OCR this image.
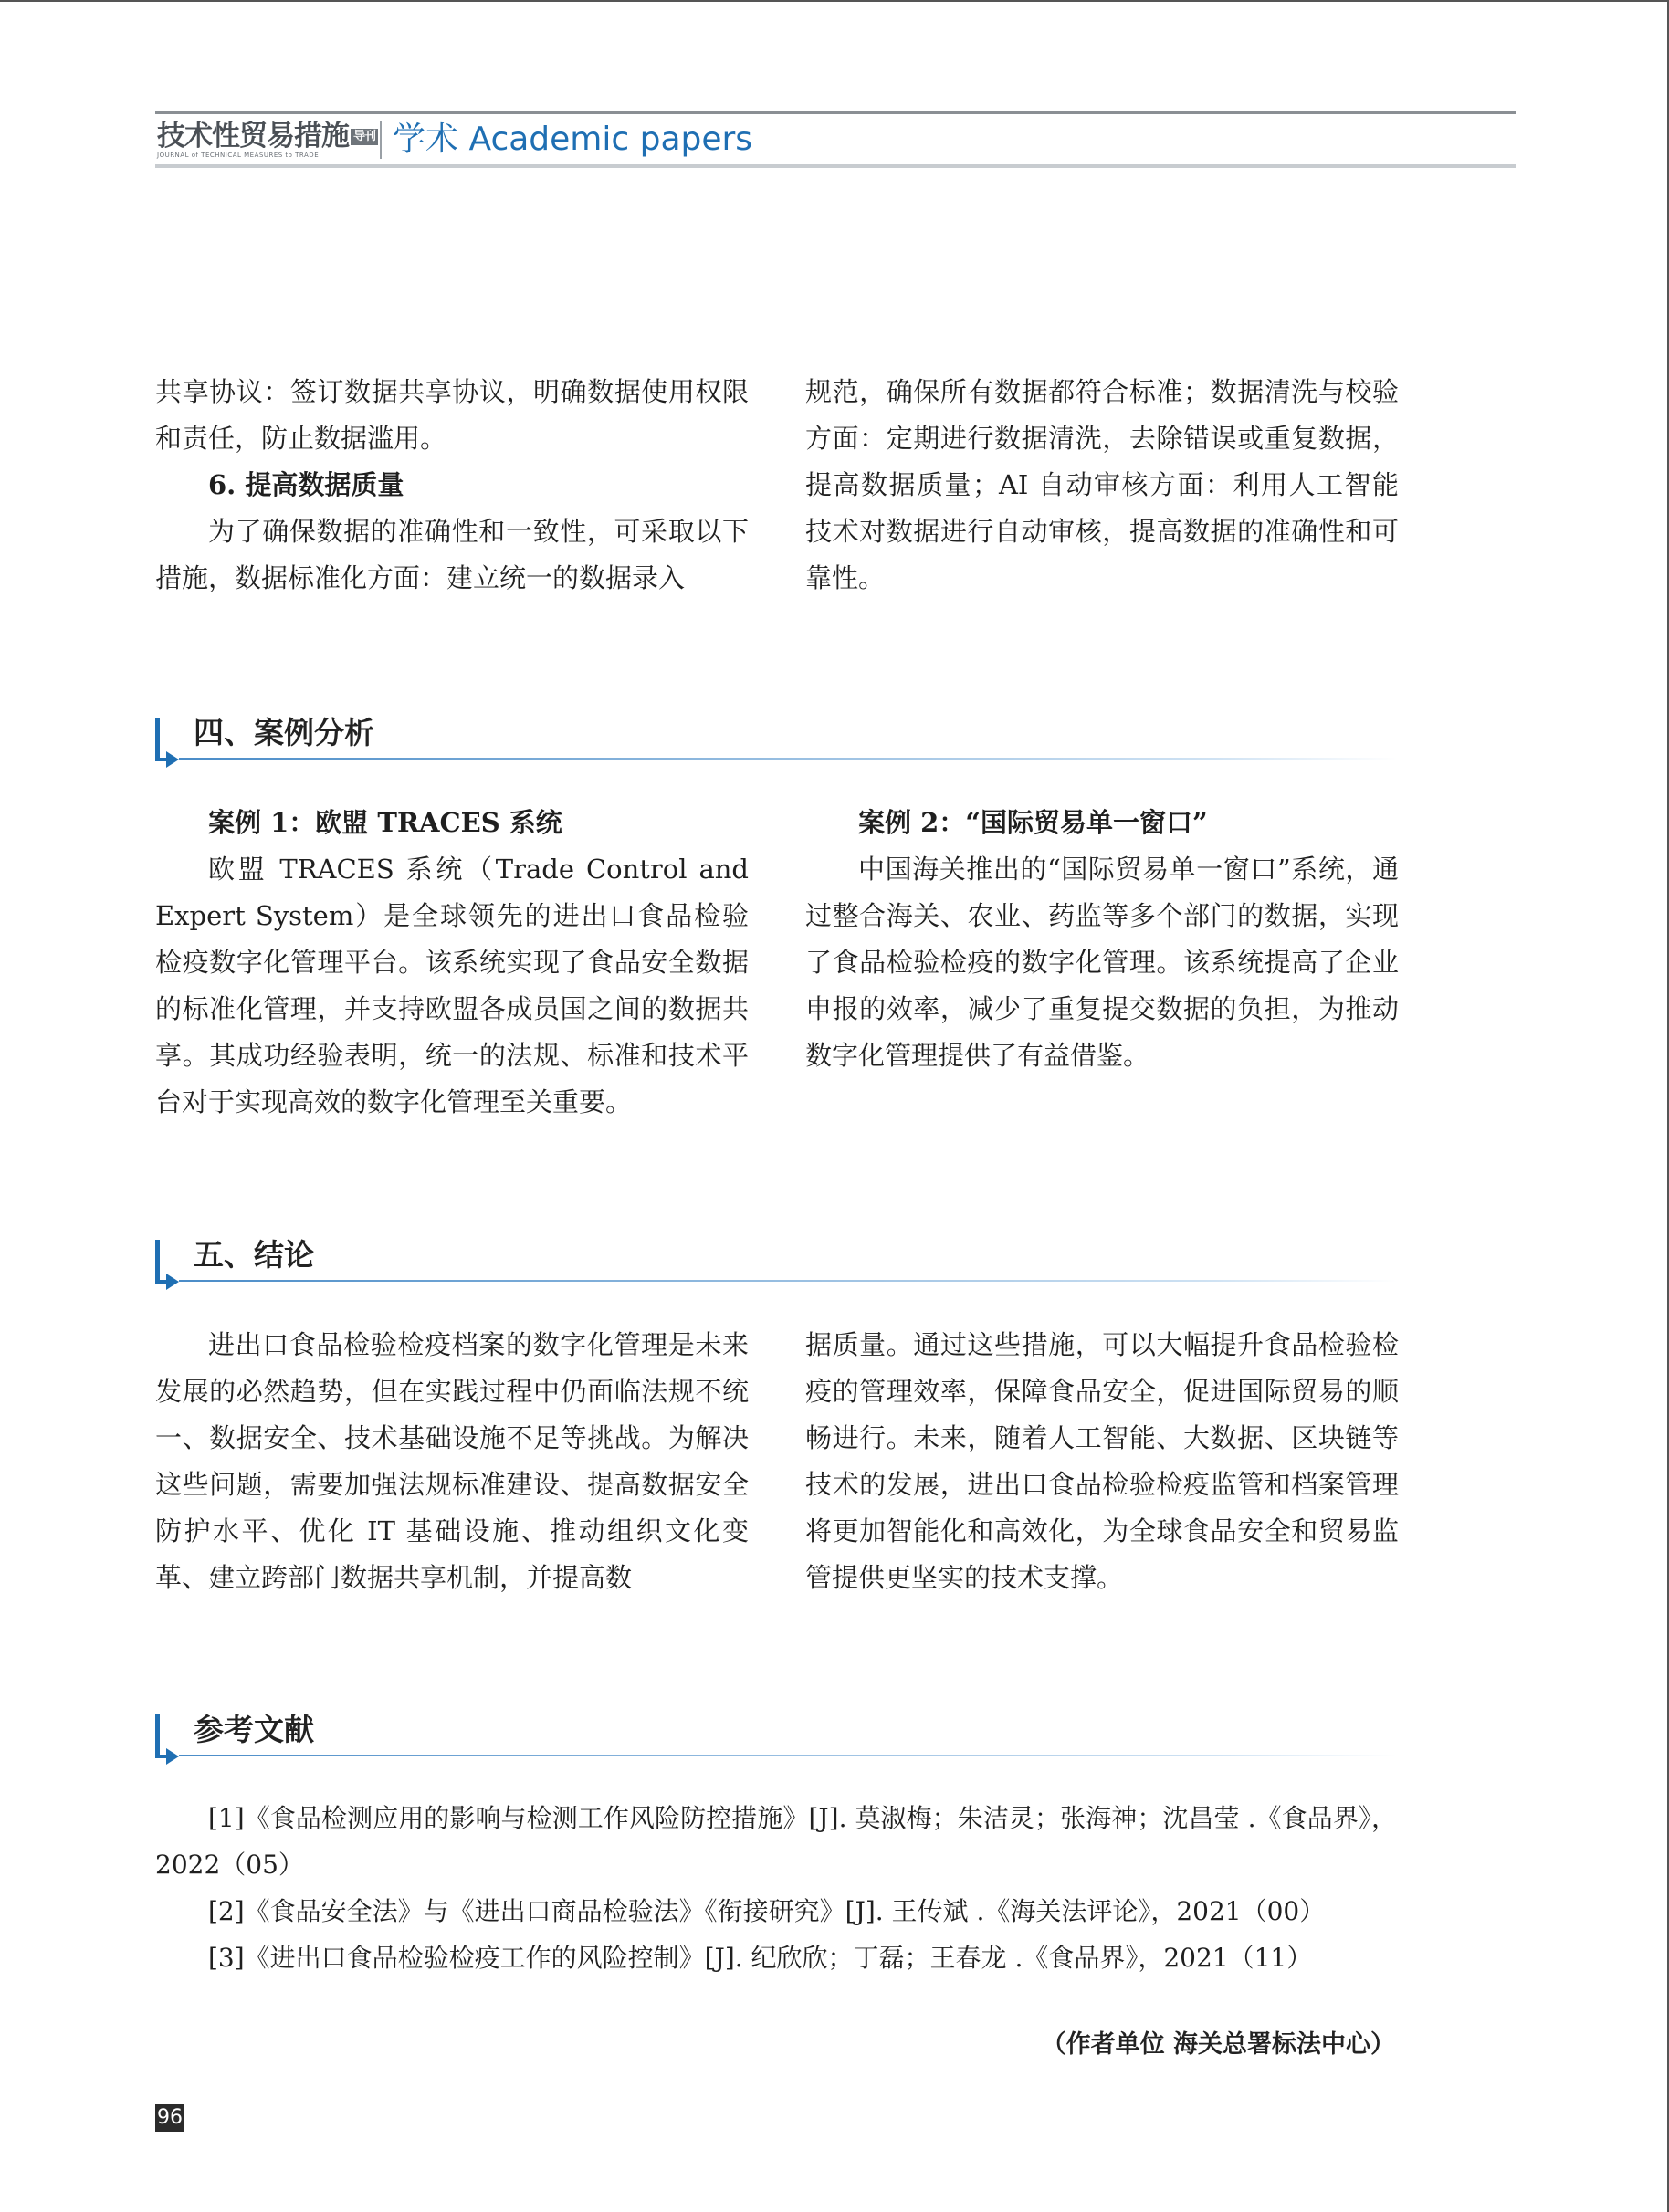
技术性贸易措施 导刊
JOURNAL of TECHNICAL MEASURES to TRADE	学术 Academic papers

共享协议：签订数据共享协议，明确数据使用权限和责任，防止数据滥用。

6. 提高数据质量

为了确保数据的准确性和一致性，可采取以下措施，数据标准化方面：建立统一的数据录入

规范，确保所有数据都符合标准；数据清洗与校验方面：定期进行数据清洗，去除错误或重复数据，提高数据质量；AI 自动审核方面：利用人工智能技术对数据进行自动审核，提高数据的准确性和可靠性。

四、案例分析

案例 1：欧盟 TRACES 系统

欧盟 TRACES 系统（Trade Control and Expert System）是全球领先的进出口食品检验检疫数字化管理平台。该系统实现了食品安全数据的标准化管理，并支持欧盟各成员国之间的数据共享。其成功经验表明，统一的法规、标准和技术平台对于实现高效的数字化管理至关重要。

案例 2：“国际贸易单一窗口”

中国海关推出的“国际贸易单一窗口”系统，通过整合海关、农业、药监等多个部门的数据，实现了食品检验检疫的数字化管理。该系统提高了企业申报的效率，减少了重复提交数据的负担，为推动数字化管理提供了有益借鉴。

五、结论

进出口食品检验检疫档案的数字化管理是未来发展的必然趋势，但在实践过程中仍面临法规不统一、数据安全、技术基础设施不足等挑战。为解决这些问题，需要加强法规标准建设、提高数据安全防护水平、优化 IT 基础设施、推动组织文化变革、建立跨部门数据共享机制，并提高数

据质量。通过这些措施，可以大幅提升食品检验检疫的管理效率，保障食品安全，促进国际贸易的顺畅进行。未来，随着人工智能、大数据、区块链等技术的发展，进出口食品检验检疫监管和档案管理将更加智能化和高效化，为全球食品安全和贸易监管提供更坚实的技术支撑。

参考文献

[1]《食品检测应用的影响与检测工作风险防控措施》[J]. 莫淑梅；朱洁灵；张海神；沈昌莹 .《食品界》，2022（05）

[2]《食品安全法》与《进出口商品检验法》《衔接研究》[J]. 王传斌 .《海关法评论》，2021（00）

[3]《进出口食品检验检疫工作的风险控制》[J]. 纪欣欣；丁磊；王春龙 .《食品界》，2021（11）

（作者单位 海关总署标法中心）
96
